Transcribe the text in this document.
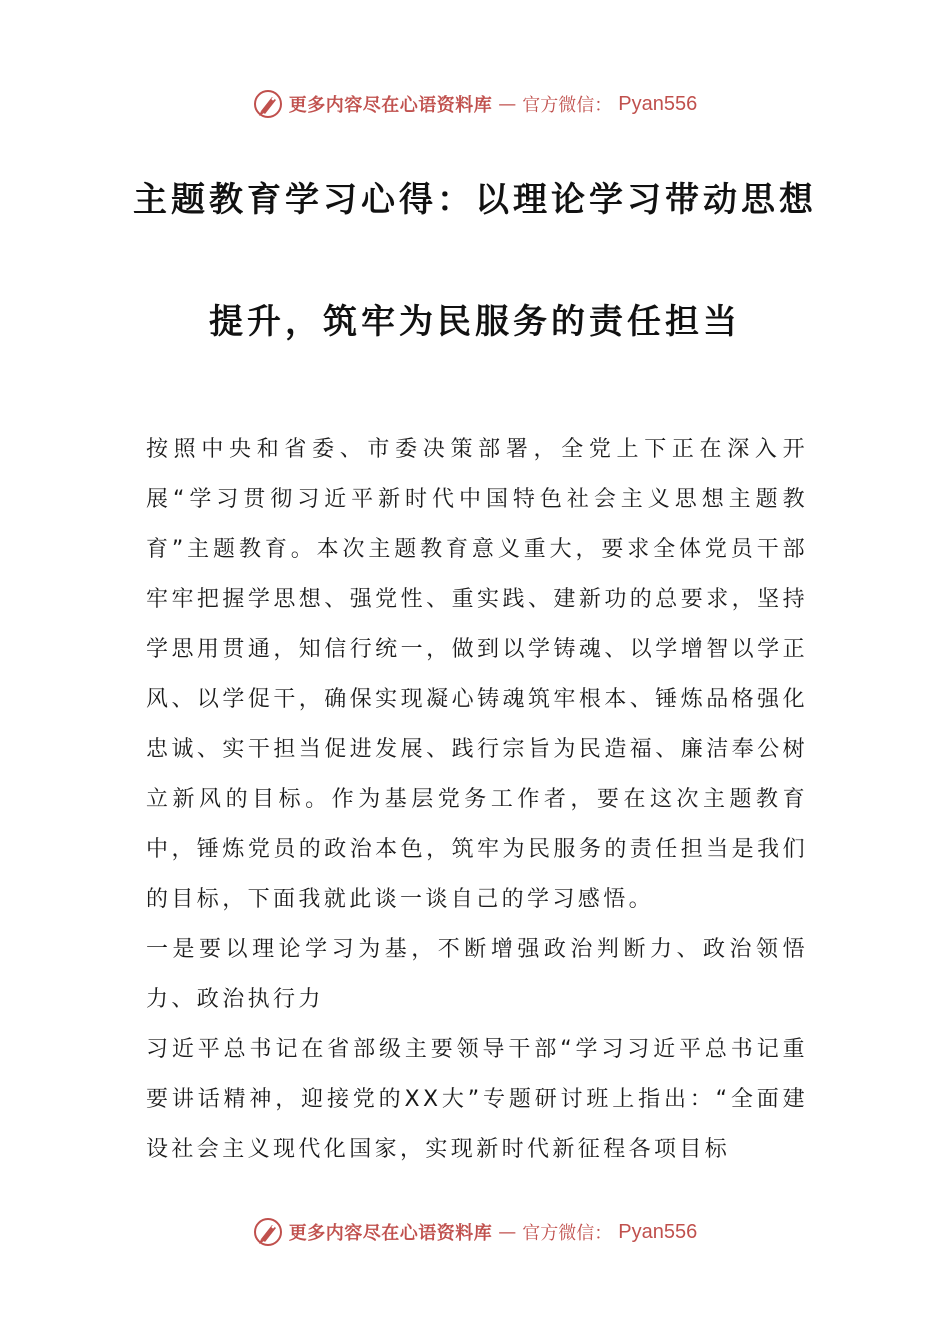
更多内容尽在心语资料库 — 官方微信： Pyan556
主题教育学习心得：以理论学习带动思想
提升，筑牢为民服务的责任担当

按照中央和省委、市委决策部署，全党上下正在深入开展“学习贯彻习近平新时代中国特色社会主义思想主题教育”主题教育。本次主题教育意义重大，要求全体党员干部牢牢把握学思想、强党性、重实践、建新功的总要求，坚持学思用贯通，知信行统一，做到以学铸魂、以学增智以学正风、以学促干，确保实现凝心铸魂筑牢根本、锤炼品格强化忠诚、实干担当促进发展、践行宗旨为民造福、廉洁奉公树立新风的目标。作为基层党务工作者，要在这次主题教育中，锤炼党员的政治本色，筑牢为民服务的责任担当是我们的目标，下面我就此谈一谈自己的学习感悟。

一是要以理论学习为基，不断增强政治判断力、政治领悟力、政治执行力

习近平总书记在省部级主要领导干部“学习习近平总书记重要讲话精神，迎接党的XX大”专题研讨班上指出：“全面建设社会主义现代化国家，实现新时代新征程各项目标

更多内容尽在心语资料库 — 官方微信： Pyan556
